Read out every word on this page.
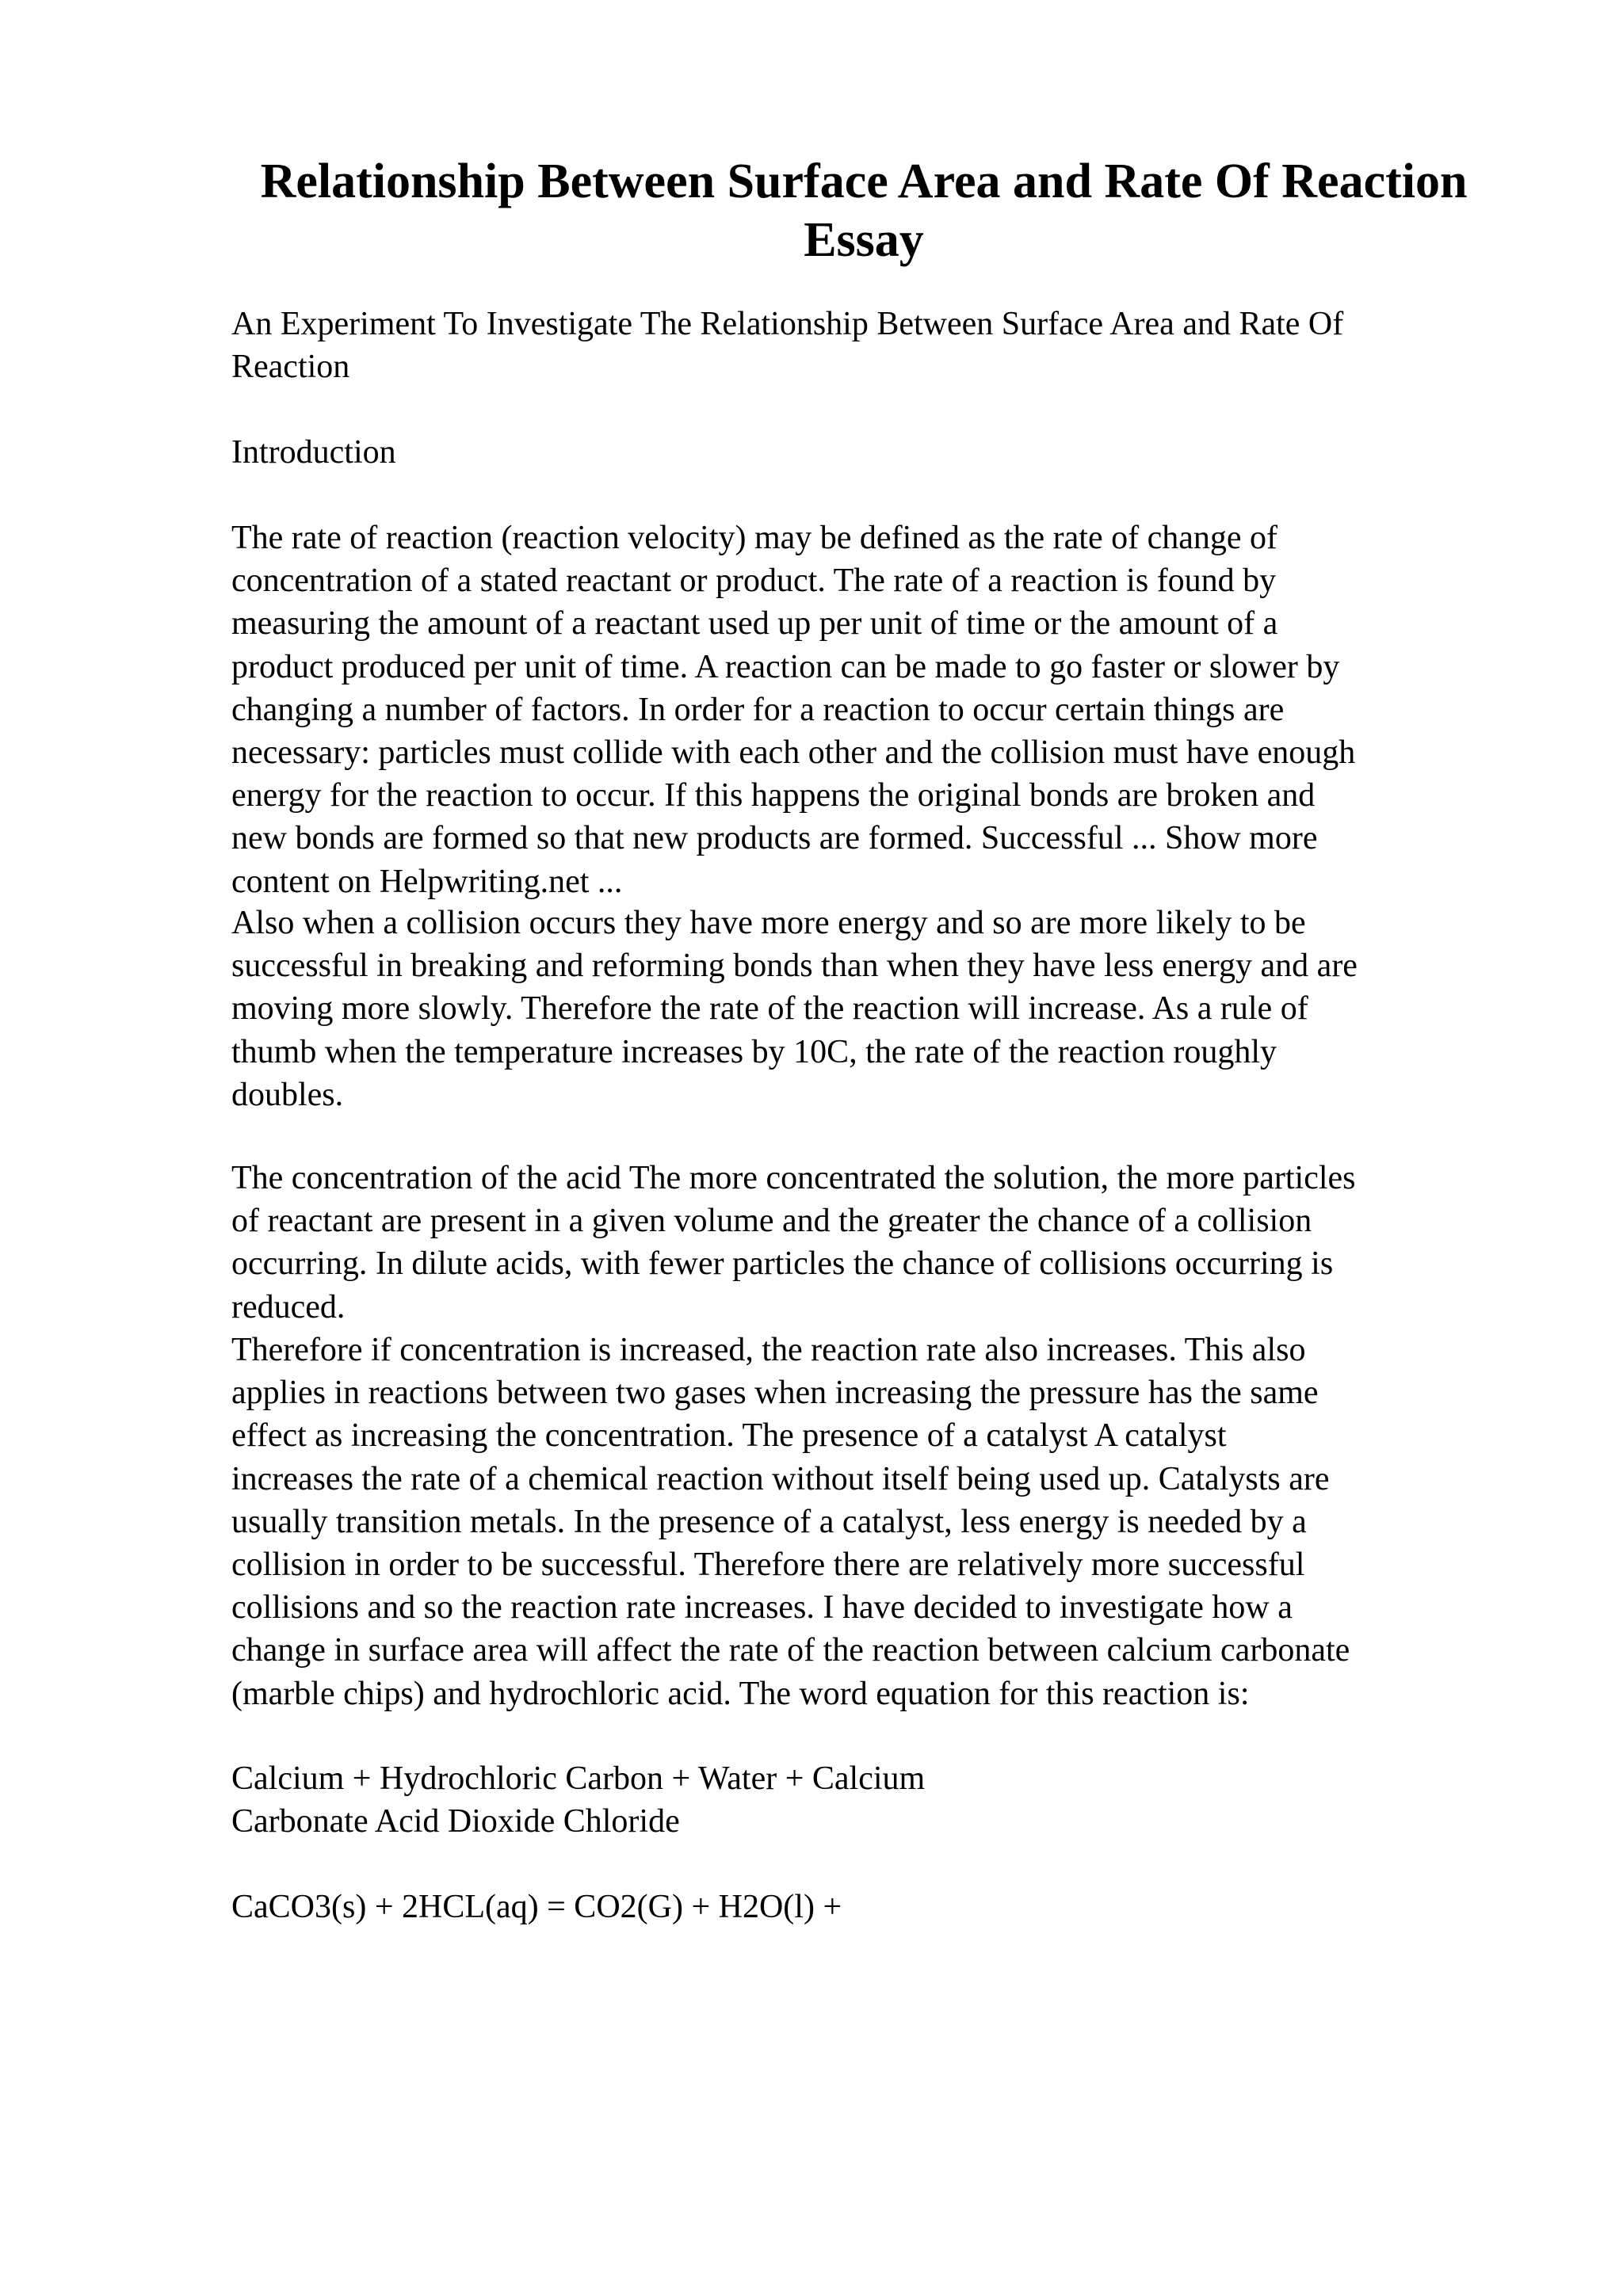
Relationship Between Surface Area and Rate Of Reaction
Essay

An Experiment To Investigate The Relationship Between Surface Area and Rate Of
Reaction

Introduction

The rate of reaction (reaction velocity) may be defined as the rate of change of
concentration of a stated reactant or product. The rate of a reaction is found by
measuring the amount of a reactant used up per unit of time or the amount of a
product produced per unit of time. A reaction can be made to go faster or slower by
changing a number of factors. In order for a reaction to occur certain things are
necessary: particles must collide with each other and the collision must have enough
energy for the reaction to occur. If this happens the original bonds are broken and
new bonds are formed so that new products are formed. Successful ... Show more
content on Helpwriting.net ...

Also when a collision occurs they have more energy and so are more likely to be
successful in breaking and reforming bonds than when they have less energy and are
moving more slowly. Therefore the rate of the reaction will increase. As a rule of
thumb when the temperature increases by 10C, the rate of the reaction roughly
doubles.

The concentration of the acid The more concentrated the solution, the more particles
of reactant are present in a given volume and the greater the chance of a collision
occurring. In dilute acids, with fewer particles the chance of collisions occurring is
reduced.

Therefore if concentration is increased, the reaction rate also increases. This also
applies in reactions between two gases when increasing the pressure has the same
effect as increasing the concentration. The presence of a catalyst A catalyst
increases the rate of a chemical reaction without itself being used up. Catalysts are
usually transition metals. In the presence of a catalyst, less energy is needed by a
collision in order to be successful. Therefore there are relatively more successful
collisions and so the reaction rate increases. I have decided to investigate how a
change in surface area will affect the rate of the reaction between calcium carbonate
(marble chips) and hydrochloric acid. The word equation for this reaction is:

Calcium + Hydrochloric Carbon + Water + Calcium
Carbonate Acid Dioxide Chloride

CaCO3(s) + 2HCL(aq) = CO2(G) + H2O(l) +
